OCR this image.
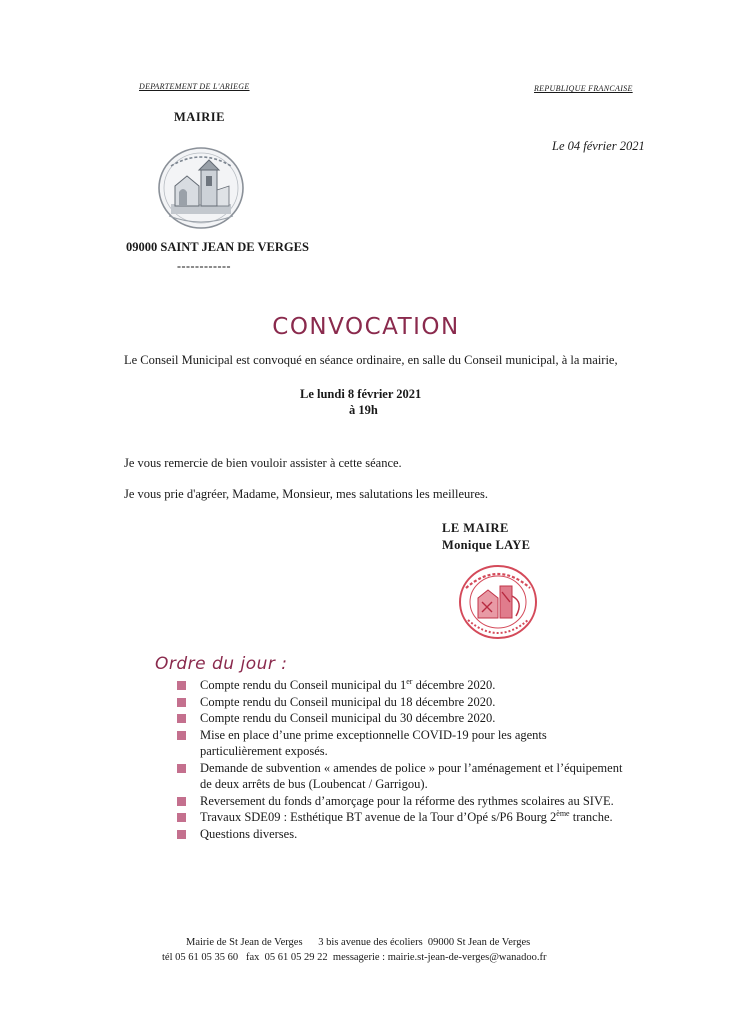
DEPARTEMENT DE L'ARIEGE	REPUBLIQUE FRANCAISE
MAIRIE
Le 04 février 2021
09000 SAINT JEAN DE VERGES
------------
CONVOCATION
Le Conseil Municipal est convoqué en séance ordinaire, en salle du Conseil municipal, à la mairie,
Le lundi 8 février 2021
à 19h
Je vous remercie de bien vouloir assister à cette séance.
Je vous prie d'agréer, Madame, Monsieur, mes salutations les meilleures.
LE MAIRE
Monique LAYE
Ordre du jour :
Compte rendu du Conseil municipal du 1er décembre 2020.
Compte rendu du Conseil municipal du 18 décembre 2020.
Compte rendu du Conseil municipal du 30 décembre 2020.
Mise en place d’une prime exceptionnelle COVID-19 pour les agents particulièrement exposés.
Demande de subvention « amendes de police » pour l’aménagement et l’équipement de deux arrêts de bus (Loubencat / Garrigou).
Reversement du fonds d’amorçage pour la réforme des rythmes scolaires au SIVE.
Travaux SDE09 : Esthétique BT avenue de la Tour d’Opé s/P6 Bourg 2ème tranche.
Questions diverses.
Mairie de St Jean de Verges      3 bis avenue des écoliers  09000 St Jean de Verges
tél 05 61 05 35 60   fax  05 61 05 29 22  messagerie : mairie.st-jean-de-verges@wanadoo.fr
